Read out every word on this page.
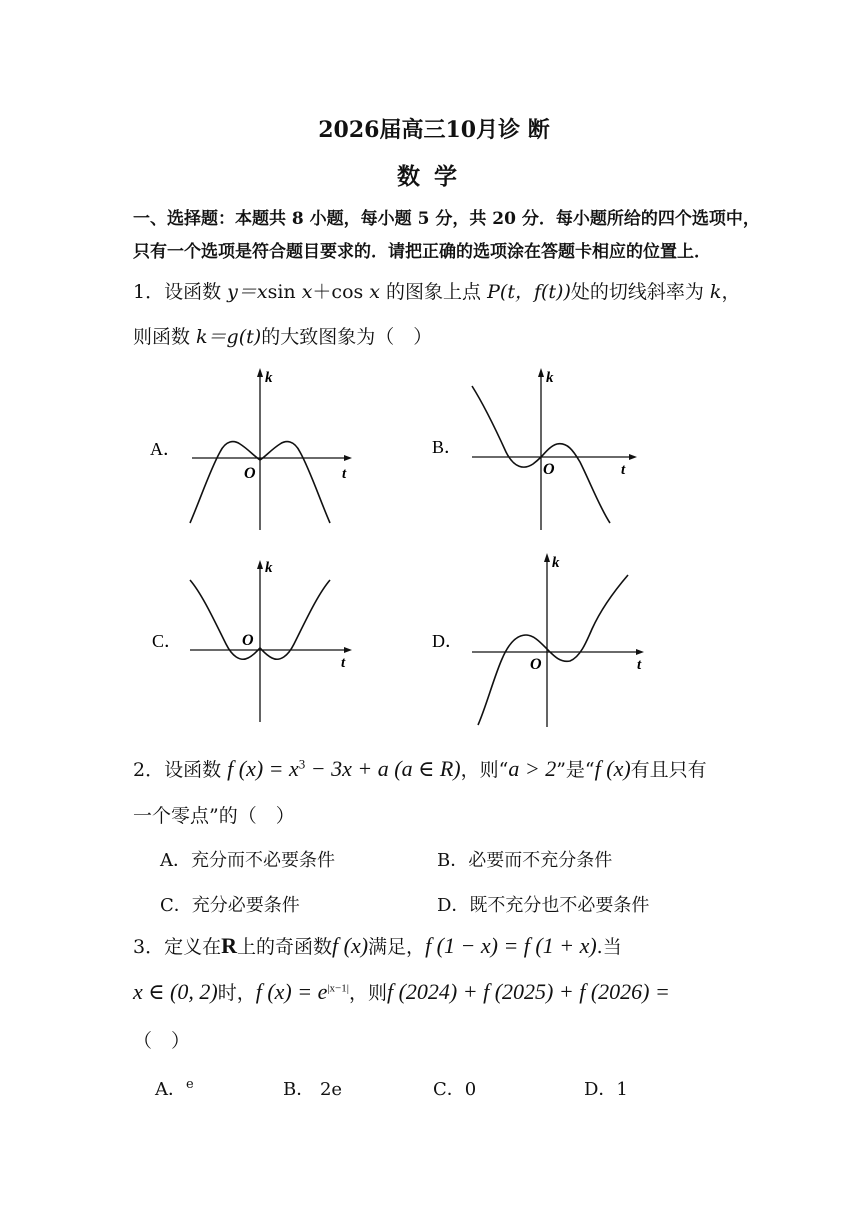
2026届高三10月诊 断
数学
一、选择题：本题共 8 小题，每小题 5 分，共 20 分．每小题所给的四个选项中，
只有一个选项是符合题目要求的．请把正确的选项涂在答题卡相应的位置上．
1．设函数 y＝xsin x＋cos x 的图象上点 P(t，f(t))处的切线斜率为 k，
则函数 k＝g(t)的大致图象为（　）
A．
k
t
O
B．
k
t
O
C．
k
t
O	D．
k
t
O
2．设函数 f $(x) = x^3 - 3x + a$ (a ∈ R)，则“a > 2”是“f (x)有且只有
一个零点”的（　）
A．充分而不必要条件	B．必要而不充分条件
C．充分必要条件	D．既不充分也不必要条件
3．定义在R上的奇函数f (x)满足，f (1 − x) = f (1 + x).当
x ∈ (0, 2)时，f $(x) = e^{|x-1|}$，则f (2024) + f (2025) + f (2026) =
（　）
A．$^e$	B． 2e	C．0	D．1
